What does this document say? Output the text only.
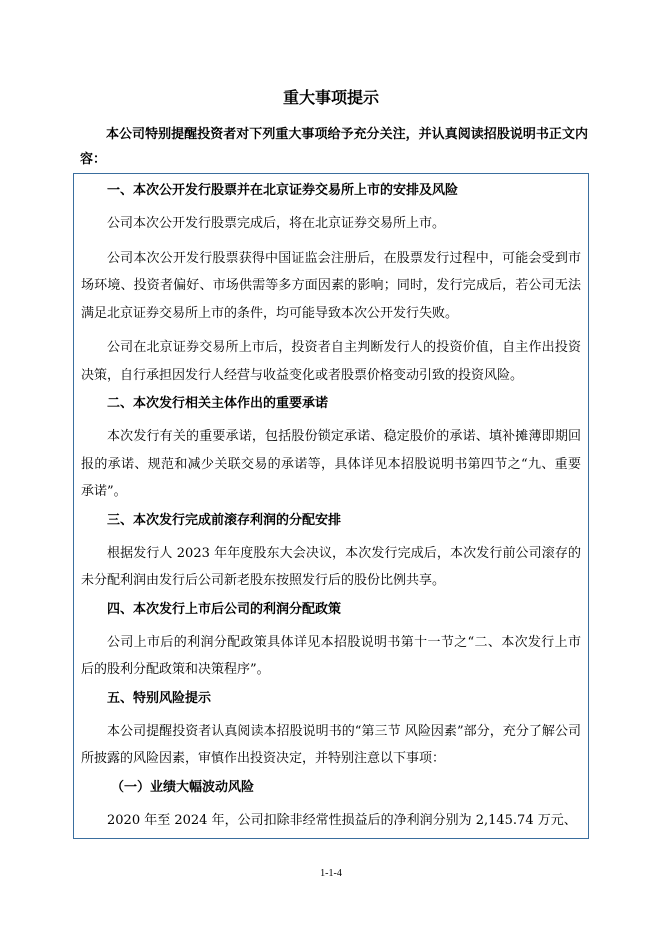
重大事项提示
本公司特别提醒投资者对下列重大事项给予充分关注，并认真阅读招股说明书正文内容：
一、本次公开发行股票并在北京证券交易所上市的安排及风险

公司本次公开发行股票完成后，将在北京证券交易所上市。

公司本次公开发行股票获得中国证监会注册后，在股票发行过程中，可能会受到市场环境、投资者偏好、市场供需等多方面因素的影响；同时，发行完成后，若公司无法满足北京证券交易所上市的条件，均可能导致本次公开发行失败。

公司在北京证券交易所上市后，投资者自主判断发行人的投资价值，自主作出投资决策，自行承担因发行人经营与收益变化或者股票价格变动引致的投资风险。

二、本次发行相关主体作出的重要承诺

本次发行有关的重要承诺，包括股份锁定承诺、稳定股价的承诺、填补摊薄即期回报的承诺、规范和减少关联交易的承诺等，具体详见本招股说明书第四节之“九、重要承诺”。

三、本次发行完成前滚存利润的分配安排

根据发行人 2023 年年度股东大会决议，本次发行完成后，本次发行前公司滚存的未分配利润由发行后公司新老股东按照发行后的股份比例共享。

四、本次发行上市后公司的利润分配政策

公司上市后的利润分配政策具体详见本招股说明书第十一节之“二、本次发行上市后的股利分配政策和决策程序”。

五、特别风险提示

本公司提醒投资者认真阅读本招股说明书的“第三节 风险因素”部分，充分了解公司所披露的风险因素，审慎作出投资决定，并特别注意以下事项：

（一）业绩大幅波动风险

2020 年至 2024 年，公司扣除非经常性损益后的净利润分别为 2,145.74 万元、

1-1-4
